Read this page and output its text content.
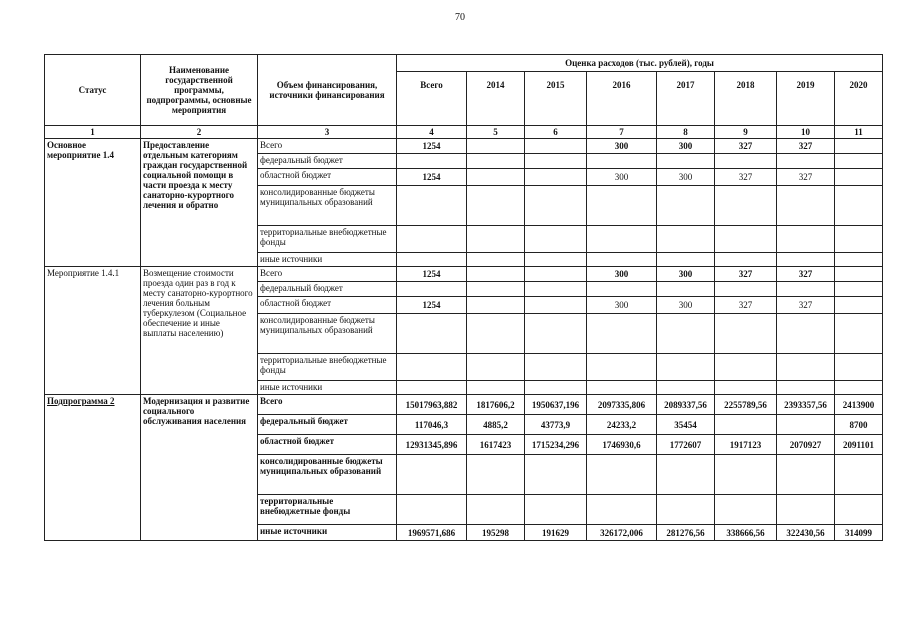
70
Статус	Наименование государственной программы, подпрограммы, основные мероприятия	Объем финансирования, источники финансирования	Оценка расходов (тыс. рублей), годы							
			Всего	2014	2015	2016	2017	2018	2019	2020
1	2	3	4	5	6	7	8	9	10	11
Основное мероприятие 1.4	Предоставление отдельным категориям граждан государственной социальной помощи в части проезда к месту санаторно-курортного лечения и обратно	Всего	1254			300	300	327	327	
		федеральный бюджет								
		областной бюджет	1254			300	300	327	327	
		консолидированные бюджеты муниципальных образований								
		территориальные внебюджетные фонды								
		иные источники								
Мероприятие 1.4.1	Возмещение стоимости проезда один раз в год к месту санаторно-курортного лечения больным туберкулезом (Социальное обеспечение и иные выплаты населению)	Всего	1254			300	300	327	327	
		федеральный бюджет								
		областной бюджет	1254			300	300	327	327	
		консолидированные бюджеты муниципальных образований								
		территориальные внебюджетные фонды								
		иные источники								
Подпрограмма 2	Модернизация и развитие социального обслуживания населения	Всего	15017963,882	1817606,2	1950637,196	2097335,806	2089337,56	2255789,56	2393357,56	2413900
		федеральный бюджет	117046,3	4885,2	43773,9	24233,2	35454			8700
		областной бюджет	12931345,896	1617423	1715234,296	1746930,6	1772607	1917123	2070927	2091101
		консолидированные бюджеты муниципальных образований								
		территориальные внебюджетные фонды								
		иные источники	1969571,686	195298	191629	326172,006	281276,56	338666,56	322430,56	314099
